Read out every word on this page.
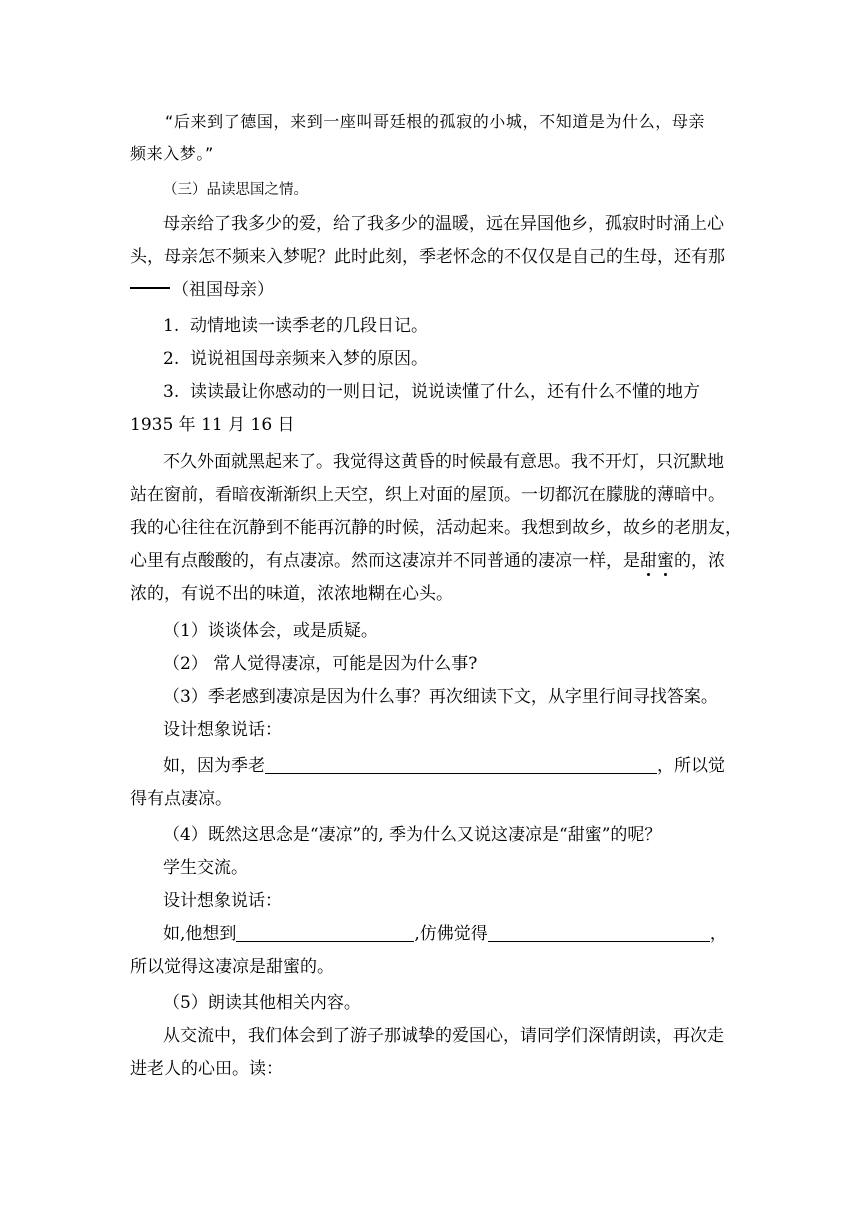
“后来到了德国，来到一座叫哥廷根的孤寂的小城，不知道是为什么，母亲
频来入梦。”
（三）品读思国之情。
母亲给了我多少的爱，给了我多少的温暖，远在异国他乡，孤寂时时涌上心
头，母亲怎不频来入梦呢？此时此刻，季老怀念的不仅仅是自己的生母，还有那
（祖国母亲）
1. 动情地读一读季老的几段日记。
2. 说说祖国母亲频来入梦的原因。
3. 读读最让你感动的一则日记，说说读懂了什么，还有什么不懂的地方
1935 年 11 月 16 日
不久外面就黑起来了。我觉得这黄昏的时候最有意思。我不开灯，只沉默地
站在窗前，看暗夜渐渐织上天空，织上对面的屋顶。一切都沉在朦胧的薄暗中。
我的心往往在沉静到不能再沉静的时候，活动起来。我想到故乡，故乡的老朋友，
心里有点酸酸的，有点凄凉。然而这凄凉并不同普通的凄凉一样，是甜蜜的，浓
浓的，有说不出的味道，浓浓地糊在心头。
（1）谈谈体会，或是质疑。
（2） 常人觉得凄凉，可能是因为什么事?
（3）季老感到凄凉是因为什么事？再次细读下文，从字里行间寻找答案。
设计想象说话：
如，因为季老	，所以觉
得有点凄凉。
（4）既然这思念是“凄凉”的, 季为什么又说这凄凉是“甜蜜”的呢？
学生交流。
设计想象说话：
如,他想到	,仿佛觉得	，
所以觉得这凄凉是甜蜜的。
（5）朗读其他相关内容。
从交流中，我们体会到了游子那诚挚的爱国心，请同学们深情朗读，再次走
进老人的心田。读：
